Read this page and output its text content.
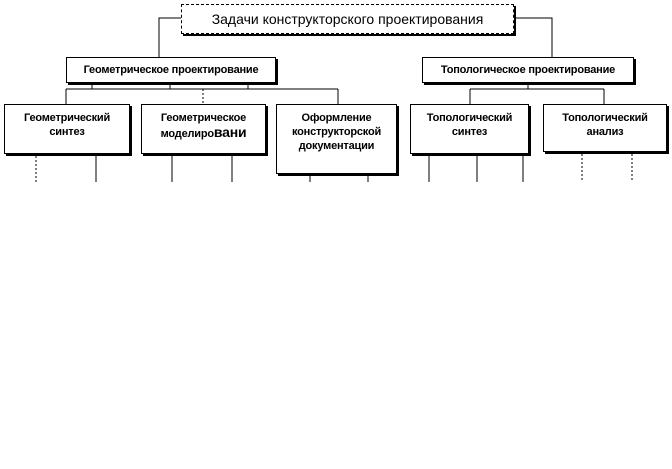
Задачи конструкторского проектирования
Геометрическое проектирование	Топологическое проектирование
Геометрический
синтез
Геометрическое
моделировани
Оформление
конструкторской
документации
Топологический
синтез
Топологический
анализ
